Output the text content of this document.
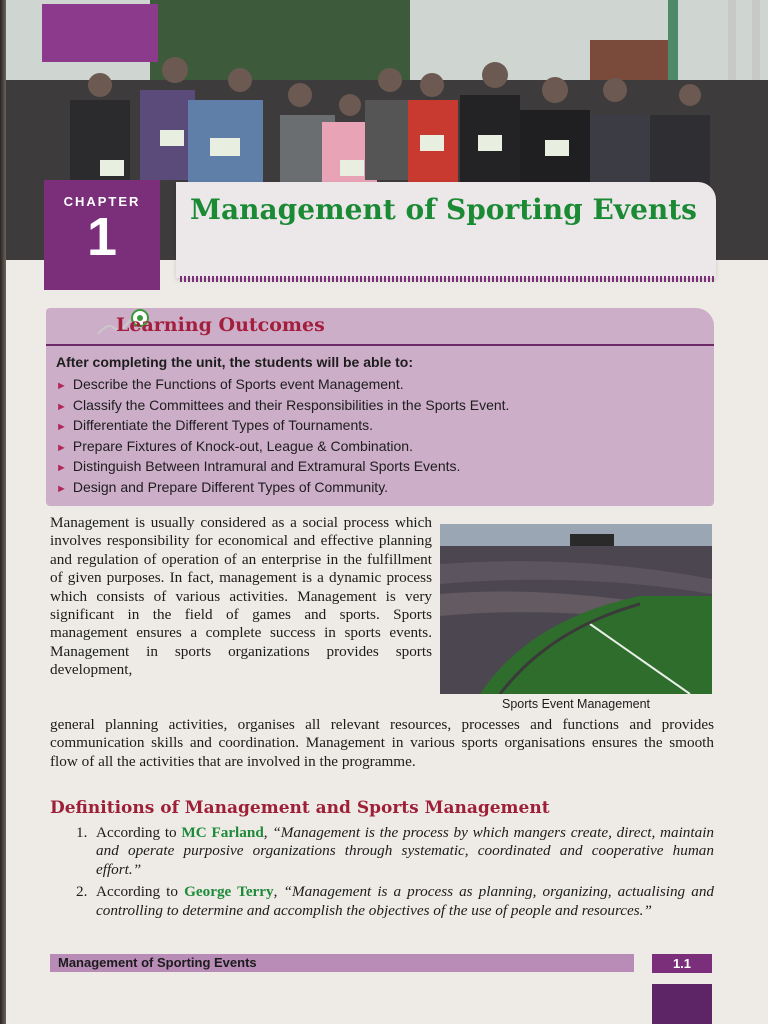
CHAPTER
1	Management of Sporting Events
Learning Outcomes
After completing the unit, the students will be able to:
► Describe the Functions of Sports event Management.
► Classify the Committees and their Responsibilities in the Sports Event.
► Differentiate the Different Types of Tournaments.
► Prepare Fixtures of Knock-out, League & Combination.
► Distinguish Between Intramural and Extramural Sports Events.
► Design and Prepare Different Types of Community.

Management is usually considered as a social process which involves responsibility for economical and effective planning and regulation of operation of an enterprise in the fulfillment of given purposes. In fact, management is a dynamic process which consists of various activities. Management is very significant in the field of games and sports. Sports management ensures a complete success in sports events. Management in sports organizations provides sports development,

Sports Event Management

general planning activities, organises all relevant resources, processes and functions and provides communication skills and coordination. Management in various sports organisations ensures the smooth flow of all the activities that are involved in the programme.

Definitions of Management and Sports Management
1. According to MC Farland, “Management is the process by which mangers create, direct, maintain and operate purposive organizations through systematic, coordinated and cooperative human effort.”
2. According to George Terry, “Management is a process as planning, organizing, actualising and controlling to determine and accomplish the objectives of the use of people and resources.”
Management of Sporting Events	1.1
